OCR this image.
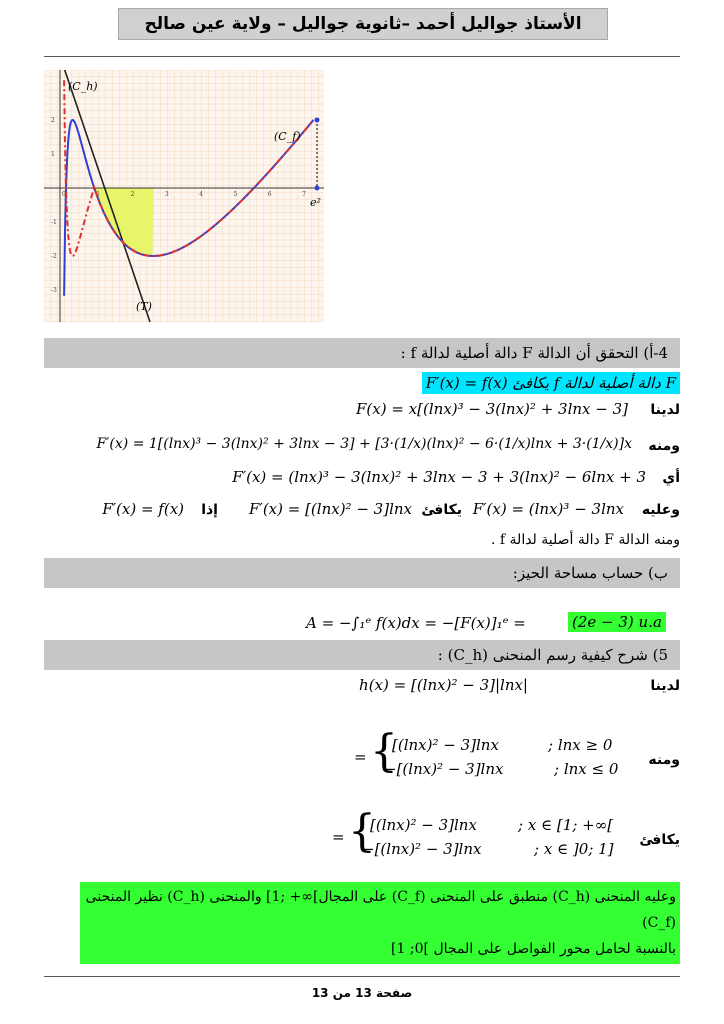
الأستاذ جواليل أحمد –ثانوية جواليل – ولاية عين صالح
0	1	2	3	4	5	6	7
2
1
-1
-2
-3
(C_h)
(C_f)
(T)
e²
4-أ) التحقق أن الدالة F دالة أصلية لدالة f :
F دالة أصلية لدالة f يكافئ F′(x) = f(x)
لدينا
F(x) = x[(lnx)³ − 3(lnx)² + 3lnx − 3]
ومنه
F′(x) = 1[(lnx)³ − 3(lnx)² + 3lnx − 3] + [3·(1/x)(lnx)² − 6·(1/x)lnx + 3·(1/x)]x
أي
F′(x) = (lnx)³ − 3(lnx)² + 3lnx − 3 + 3(lnx)² − 6lnx + 3
وعليه
F′(x) = (lnx)³ − 3lnx
يكافئ
F′(x) = [(lnx)² − 3]lnx
إذا
F′(x) = f(x)
ومنه الدالة F دالة أصلية لدالة f .
ب) حساب مساحة الحيز:
A = −∫₁ᵉ f(x)dx = −[F(x)]₁ᵉ =	(2e − 3) u.a
5) شرح كيفية رسم المنحنى (C_h) :
لدينا
h(x) = [(lnx)² − 3]|lnx|
ومنه
= {
[(lnx)² − 3]lnx	; lnx ≥ 0
−[(lnx)² − 3]lnx	; lnx ≤ 0
يكافئ
= {
[(lnx)² − 3]lnx	; x ∈ [1; +∞[
−[(lnx)² − 3]lnx	; x ∈ ]0; 1]
وعليه المنحنى (C_h) منطبق على المنحنى (C_f) على المجال]∞+ ;1] والمنحنى (C_h) نظير المنحنى (C_f)
بالنسبة لحامل محور الفواصل على المجال ]0; 1]
صفحة 13 من 13
